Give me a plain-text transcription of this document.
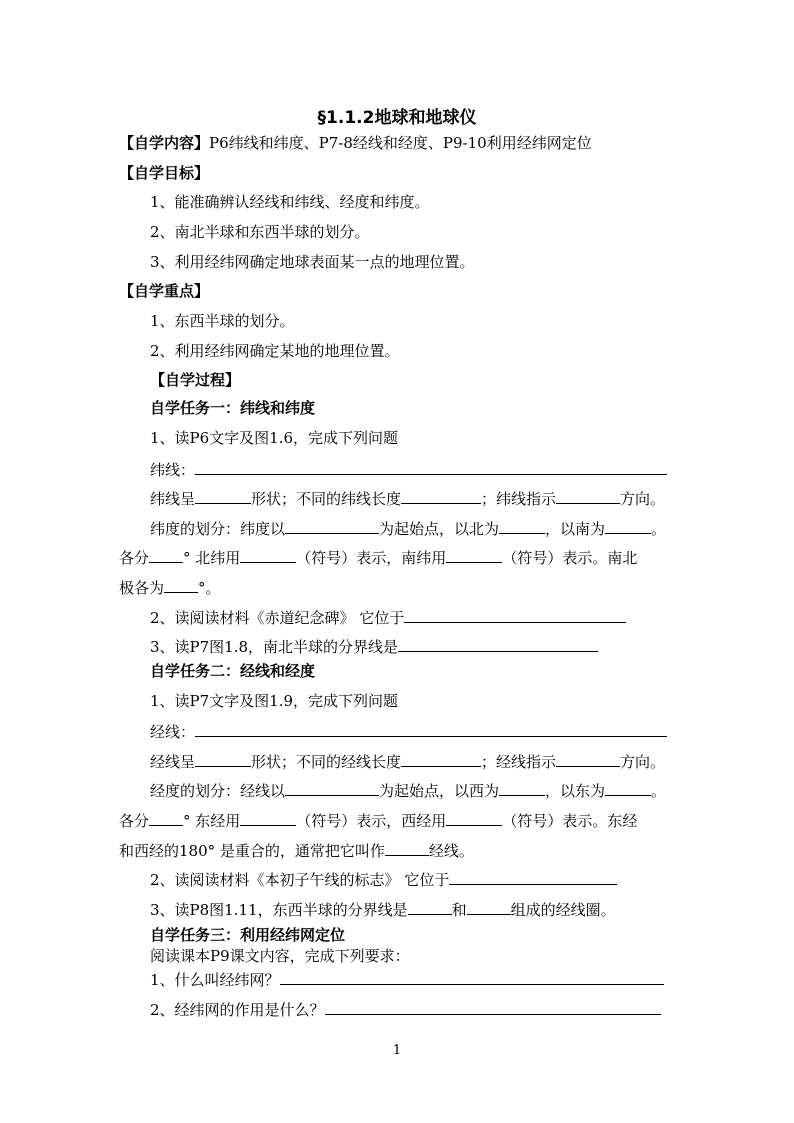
§1.1.2地球和地球仪
【自学内容】P6纬线和纬度、P7-8经线和经度、P9-10利用经纬网定位
【自学目标】
1、能准确辨认经线和纬线、经度和纬度。
2、南北半球和东西半球的划分。
3、利用经纬网确定地球表面某一点的地理位置。
【自学重点】
1、东西半球的划分。
2、利用经纬网确定某地的地理位置。
【自学过程】
自学任务一：纬线和纬度
1、读P6文字及图1.6，完成下列问题
纬线：
纬线呈	形状；不同的纬线长度	；纬线指示	方向。
纬度的划分：纬度以	为起始点，以北为	，以南为	。
各分 ° 北纬用	（符号）表示，南纬用	（符号）表示。南北
极各为 °。
2、读阅读材料《赤道纪念碑》 它位于
3、读P7图1.8，南北半球的分界线是
自学任务二：经线和经度
1、读P7文字及图1.9，完成下列问题
经线：
经线呈	形状；不同的经线长度	；经线指示	方向。
经度的划分：经线以	为起始点，以西为	，以东为	。
各分 ° 东经用	（符号）表示，西经用	（符号）表示。东经
和西经的180° 是重合的，通常把它叫作	经线。
2、读阅读材料《本初子午线的标志》 它位于
3、读P8图1.11，东西半球的分界线是	和	组成的经线圈。
自学任务三：利用经纬网定位
阅读课本P9课文内容，完成下列要求：
1、什么叫经纬网？
2、经纬网的作用是什么？
1
